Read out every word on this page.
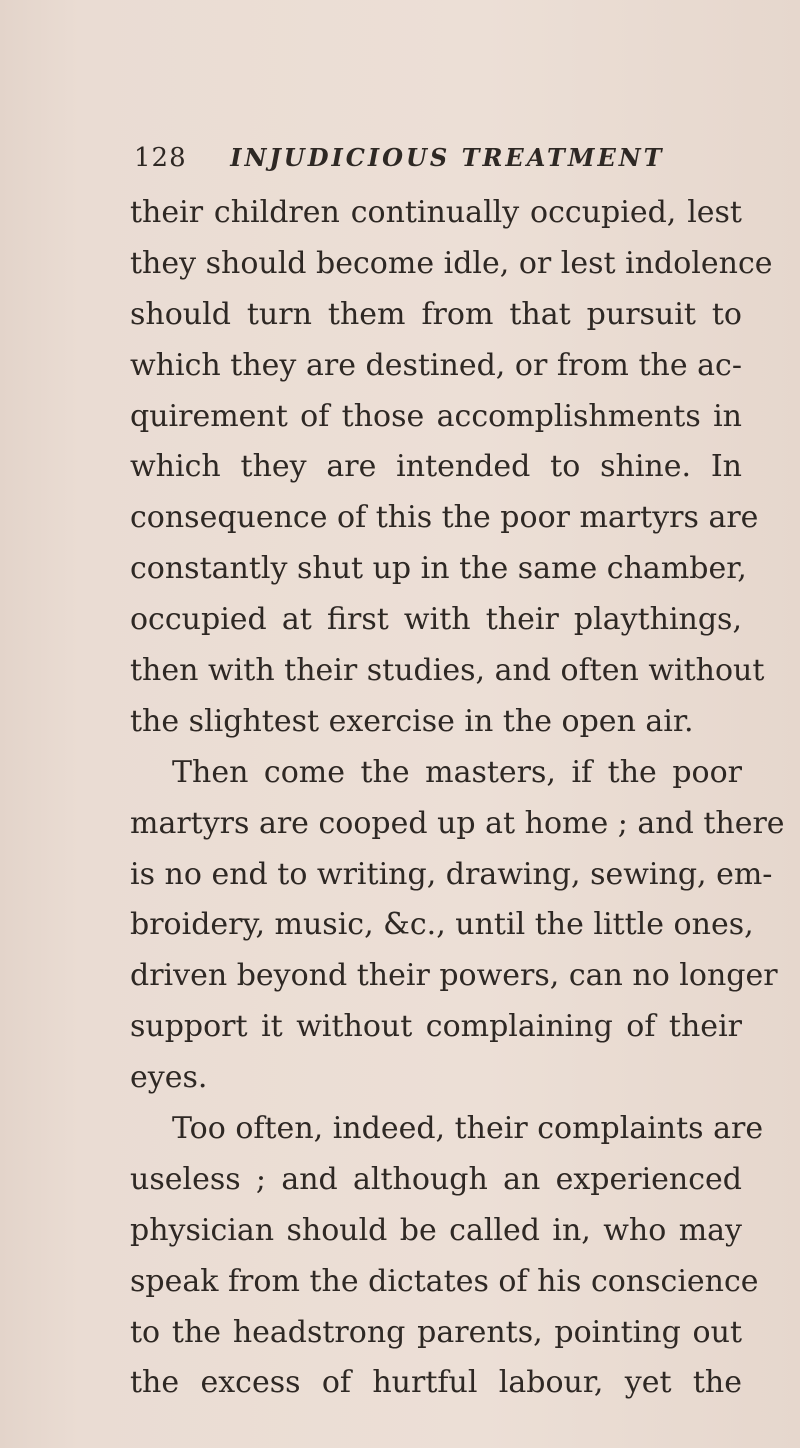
128 INJUDICIOUS TREATMENT
their children continually occupied, lest
they should become idle, or lest indolence
should turn them from that pursuit to
which they are destined, or from the ac-
quirement of those accomplishments in
which they are intended to shine. In
consequence of this the poor martyrs are
constantly shut up in the same chamber,
occupied at first with their playthings,
then with their studies, and often without
the slightest exercise in the open air.
Then come the masters, if the poor
martyrs are cooped up at home ; and there
is no end to writing, drawing, sewing, em-
broidery, music, &c., until the little ones,
driven beyond their powers, can no longer
support it without complaining of their
eyes.
Too often, indeed, their complaints are
useless ; and although an experienced
physician should be called in, who may
speak from the dictates of his conscience
to the headstrong parents, pointing out
the excess of hurtful labour, yet the
